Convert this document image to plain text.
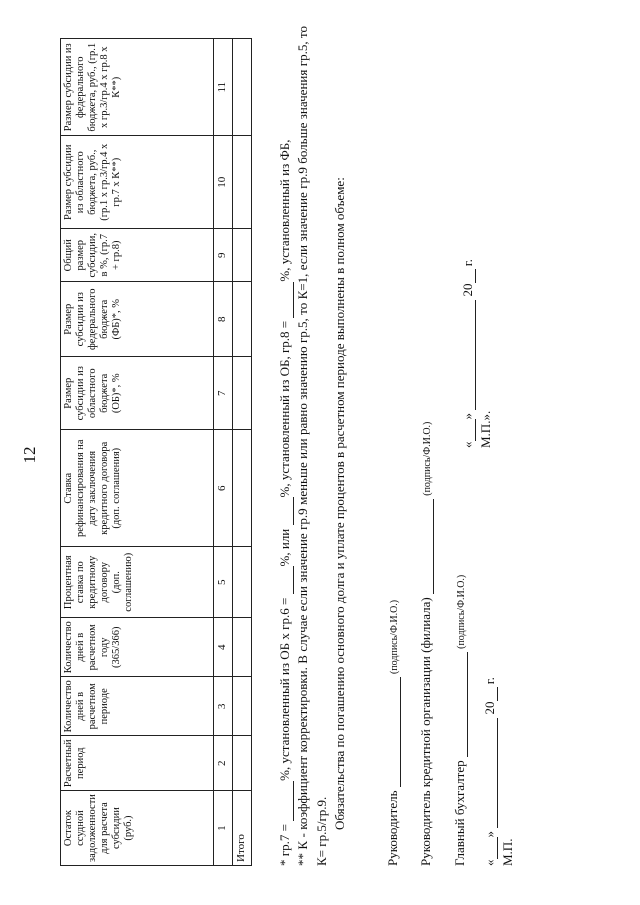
12
Остаток ссудной задолженности для расчета субсидии (руб.)	Расчетный период	Количество дней в расчетном периоде	Количество дней в расчетном году (365/366)	Процентная ставка по кредитному договору (доп. соглашению)	Ставка рефинансирования на дату заключения кредитного договора (доп. соглашения)	Размер субсидии из областного бюджета (ОБ)*, %	Размер субсидии из федерального бюджета (ФБ)*, %	Общий размер субсидии, в %, (гр.7 + гр.8)	Размер субсидии из областного бюджета, руб., (гр.1 х гр.3/гр.4 х гр.7 х К**)	Размер субсидии из федерального бюджета, руб., (гр.1 х гр.3/гр.4 х гр.8 х К**)
1	2	3	4	5	6	7	8	9	10	11
Итого										* гр.7 = %, установленный из ОБ х гр.6 = %, или %, установленный из ОБ, гр.8 = %, установленный из ФБ, ** К - коэффициент корректировки. В случае если значение гр.9 меньше или равно значению гр.5, то К=1, если значение гр.9 больше значения гр.5, то К= гр.5/гр.9.

Обязательства по погашению основного долга и уплате процентов в расчетном периоде выполнены в полном объеме:	Руководитель  (подпись/Ф.И.О.) Руководитель кредитной организации (филиала)  (подпись/Ф.И.О.)
Главный бухгалтер  (подпись/Ф.И.О.)
«»  20 г.
М.П.
«»  20 г.
М.П.».
